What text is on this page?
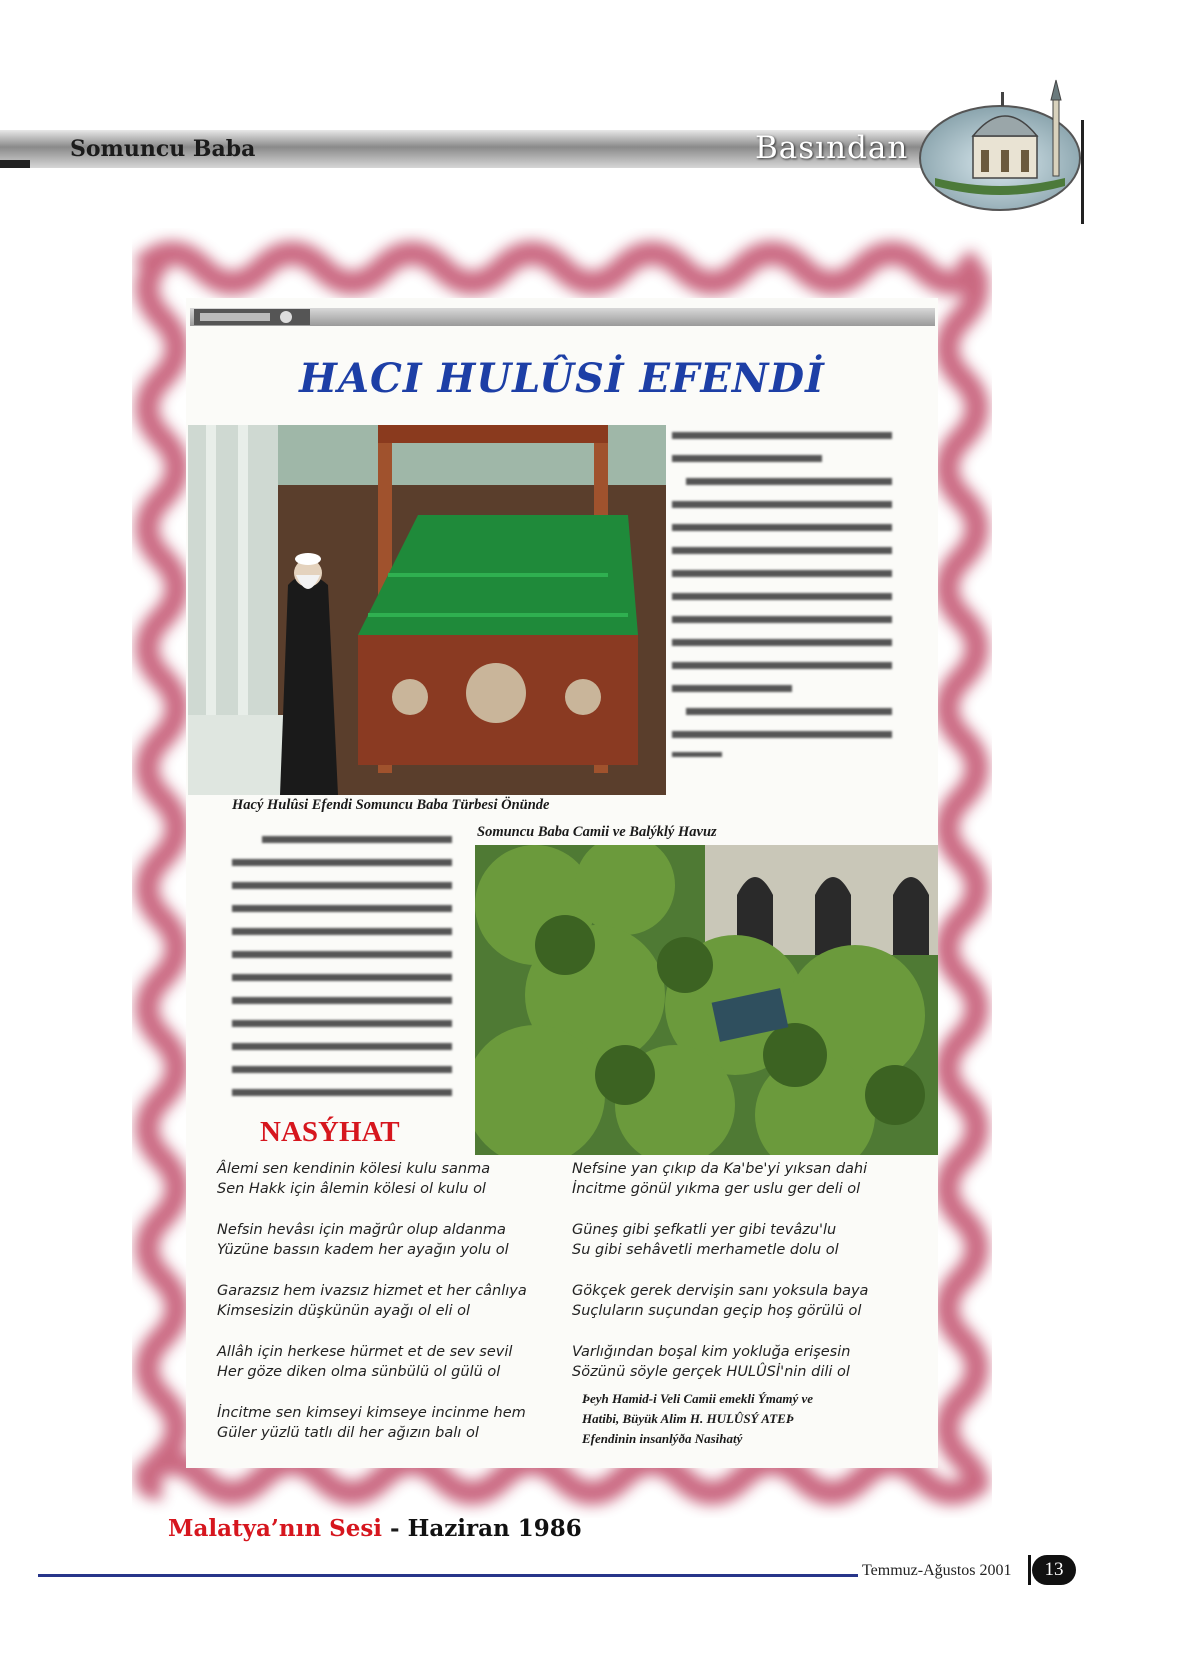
Somuncu Baba	Basından
HACI HULÛSİ EFENDİ
Hacý Hulûsi Efendi Somuncu Baba Türbesi Önünde
Somuncu Baba Camii ve Balýklý Havuz
NASÝHAT
Âlemi sen kendinin kölesi kulu sanma
Sen Hakk için âlemin kölesi ol kulu ol
Nefsin hevâsı için mağrûr olup aldanma
Yüzüne bassın kadem her ayağın yolu ol
Garazsız hem ivazsız hizmet et her cânlıya
Kimsesizin düşkünün ayağı ol eli ol
Allâh için herkese hürmet et de sev sevil
Her göze diken olma sünbülü ol gülü ol
İncitme sen kimseyi kimseye incinme hem
Güler yüzlü tatlı dil her ağızın balı ol
Nefsine yan çıkıp da Ka'be'yi yıksan dahi
İncitme gönül yıkma ger uslu ger deli ol
Güneş gibi şefkatli yer gibi tevâzu'lu
Su gibi sehâvetli merhametle dolu ol
Gökçek gerek dervişin sanı yoksula baya
Suçluların suçundan geçip hoş görülü ol
Varlığından boşal kim yokluğa erişesin
Sözünü söyle gerçek HULÛSİ'nin dili ol
Þeyh Hamid-i Veli Camii emekli Ýmamý ve
Hatibi, Büyük Alim H. HULÛSÝ ATEÞ
Efendinin insanlýða Nasihatý
Malatya’nın Sesi - Haziran 1986
Temmuz-Ağustos 2001	13
